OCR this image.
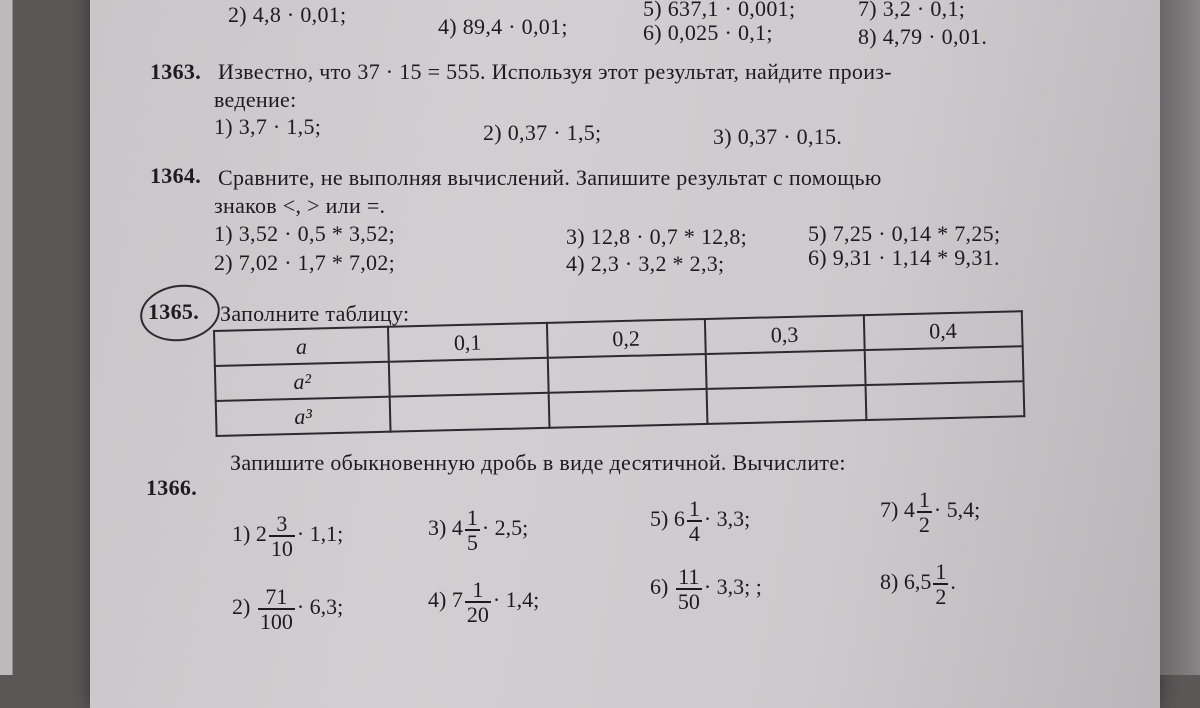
2) 4,8 · 0,01;	4) 89,4 · 0,01;
5) 637,1 · 0,001;
6) 0,025 · 0,1;
7) 3,2 · 0,1;
8) 4,79 · 0,01.
1363. Известно, что 37 · 15 = 555. Используя этот результат, найдите произ-
ведение:
1) 3,7 · 1,5;	2) 0,37 · 1,5;	3) 0,37 · 0,15.
1364. Сравните, не выполняя вычислений. Запишите результат с помощью
знаков <, > или =.
1) 3,52 · 0,5 * 3,52;	3) 12,8 · 0,7 * 12,8;	5) 7,25 · 0,14 * 7,25;
2) 7,02 · 1,7 * 7,02;	4) 2,3 · 3,2 * 2,3;	6) 9,31 · 1,14 * 9,31.
1365. Заполните таблицу:
a	0,1	0,2	0,3	0,4
a²				
a³				
1366.
Запишите обыкновенную дробь в виде десятичной. Вычислите:
1) $2 \frac{3}{10} \cdot 1,1$;
$2) \frac{71}{100} \cdot 6,3$;
3) $4 \frac{1}{5} \cdot 2,5$;
4) $7 \frac{1}{20} \cdot 1,4$;
5) $6 \frac{1}{4} \cdot 3,3$;
$6) \frac{11}{50} \cdot 3,3$; ;
7) $4 \frac{1}{2} \cdot 5,4$;
8) $6,5 \frac{1}{2}$ .
